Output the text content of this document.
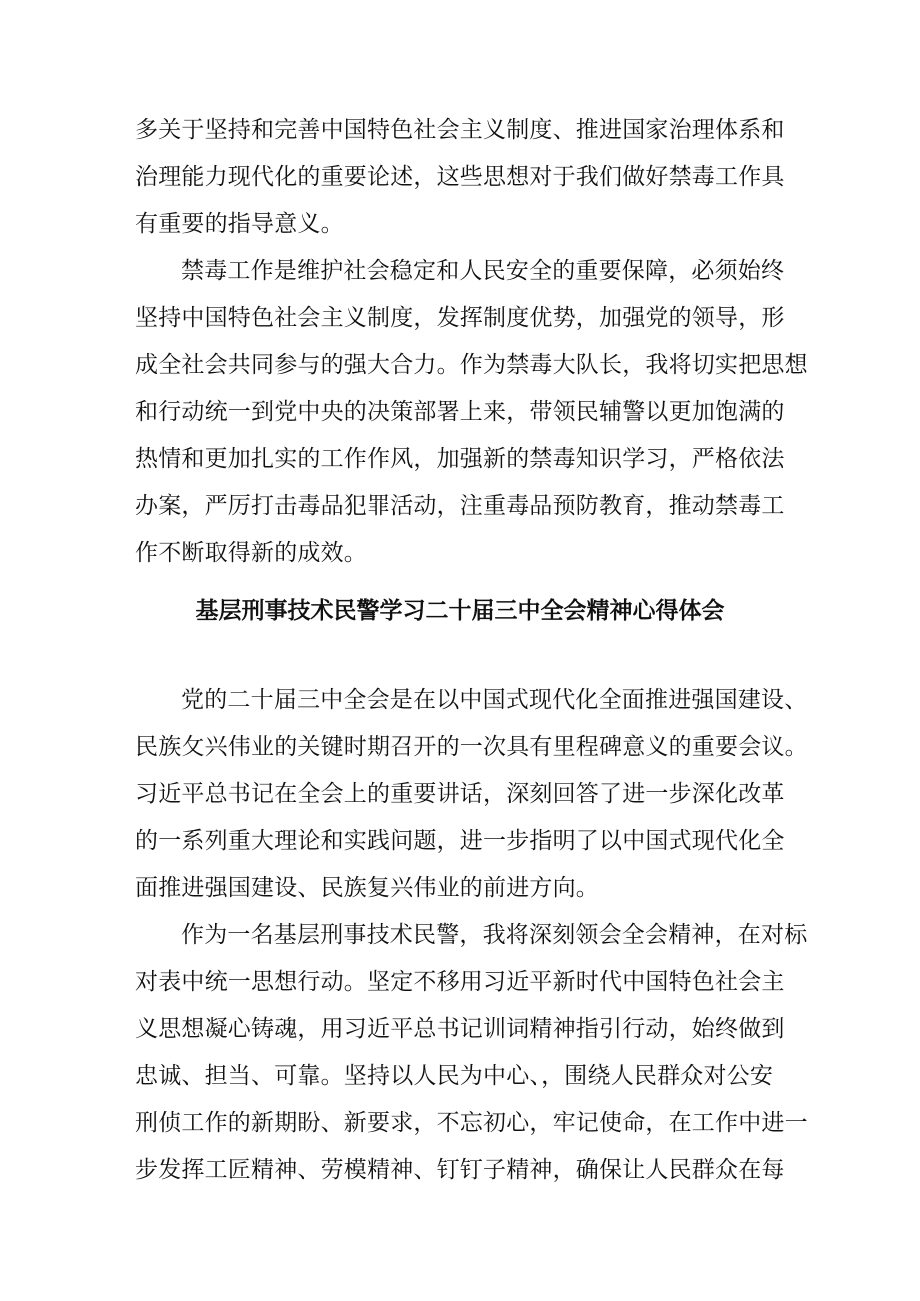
多关于坚持和完善中国特色社会主义制度、推进国家治理体系和
治理能力现代化的重要论述，这些思想对于我们做好禁毒工作具
有重要的指导意义。
禁毒工作是维护社会稳定和人民安全的重要保障，必须始终
坚持中国特色社会主义制度，发挥制度优势，加强党的领导，形
成全社会共同参与的强大合力。作为禁毒大队长，我将切实把思想
和行动统一到党中央的决策部署上来，带领民辅警以更加饱满的
热情和更加扎实的工作作风，加强新的禁毒知识学习，严格依法
办案，严厉打击毒品犯罪活动，注重毒品预防教育，推动禁毒工
作不断取得新的成效。
基层刑事技术民警学习二十届三中全会精神心得体会
党的二十届三中全会是在以中国式现代化全面推进强国建设、
民族攵兴伟业的关键时期召开的一次具有里程碑意义的重要会议。
习近平总书记在全会上的重要讲话，深刻回答了进一步深化改革
的一系列重大理论和实践问题，进一步指明了以中国式现代化全
面推进强国建设、民族复兴伟业的前进方向。
作为一名基层刑事技术民警，我将深刻领会全会精神，在对标
对表中统一思想行动。坚定不移用习近平新时代中国特色社会主
义思想凝心铸魂，用习近平总书记训词精神指引行动，始终做到
忠诚、担当、可靠。坚持以人民为中心、，围绕人民群众对公安
刑侦工作的新期盼、新要求，不忘初心，牢记使命，在工作中进一
步发挥工匠精神、劳模精神、钉钉子精神，确保让人民群众在每
